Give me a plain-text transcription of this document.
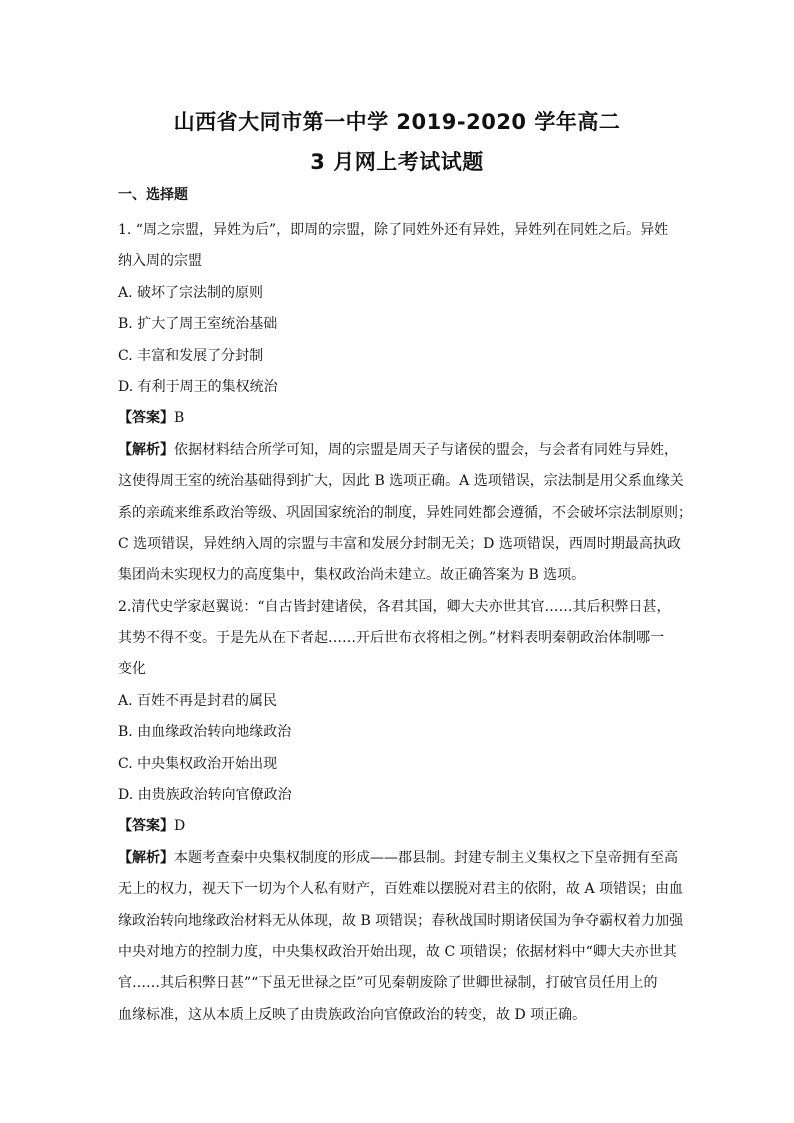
山西省大同市第一中学 2019-2020 学年高二
3 月网上考试试题
一、选择题
1. “周之宗盟，异姓为后”，即周的宗盟，除了同姓外还有异姓，异姓列在同姓之后。异姓
纳入周的宗盟
A. 破坏了宗法制的原则
B. 扩大了周王室统治基础
C. 丰富和发展了分封制
D. 有利于周王的集权统治
【答案】B
【解析】依据材料结合所学可知，周的宗盟是周天子与诸侯的盟会，与会者有同姓与异姓，
这使得周王室的统治基础得到扩大，因此 B 选项正确。A 选项错误，宗法制是用父系血缘关
系的亲疏来维系政治等级、巩固国家统治的制度，异姓同姓都会遵循，不会破坏宗法制原则；
C 选项错误，异姓纳入周的宗盟与丰富和发展分封制无关；D 选项错误，西周时期最高执政
集团尚未实现权力的高度集中，集权政治尚未建立。故正确答案为 B 选项。
2.清代史学家赵翼说：“自古皆封建诸侯，各君其国，卿大夫亦世其官……其后积弊日甚，
其势不得不变。于是先从在下者起……开后世布衣将相之例。”材料表明秦朝政治体制哪一
变化
A. 百姓不再是封君的属民
B. 由血缘政治转向地缘政治
C. 中央集权政治开始出现
D. 由贵族政治转向官僚政治
【答案】D
【解析】本题考查秦中央集权制度的形成——郡县制。封建专制主义集权之下皇帝拥有至高
无上的权力，视天下一切为个人私有财产，百姓难以摆脱对君主的依附，故 A 项错误；由血
缘政治转向地缘政治材料无从体现，故 B 项错误；春秋战国时期诸侯国为争夺霸权着力加强
中央对地方的控制力度，中央集权政治开始出现，故 C 项错误；依据材料中“卿大夫亦世其
官……其后积弊日甚”“下虽无世禄之臣”可见秦朝废除了世卿世禄制，打破官员任用上的
血缘标准，这从本质上反映了由贵族政治向官僚政治的转变，故 D 项正确。
